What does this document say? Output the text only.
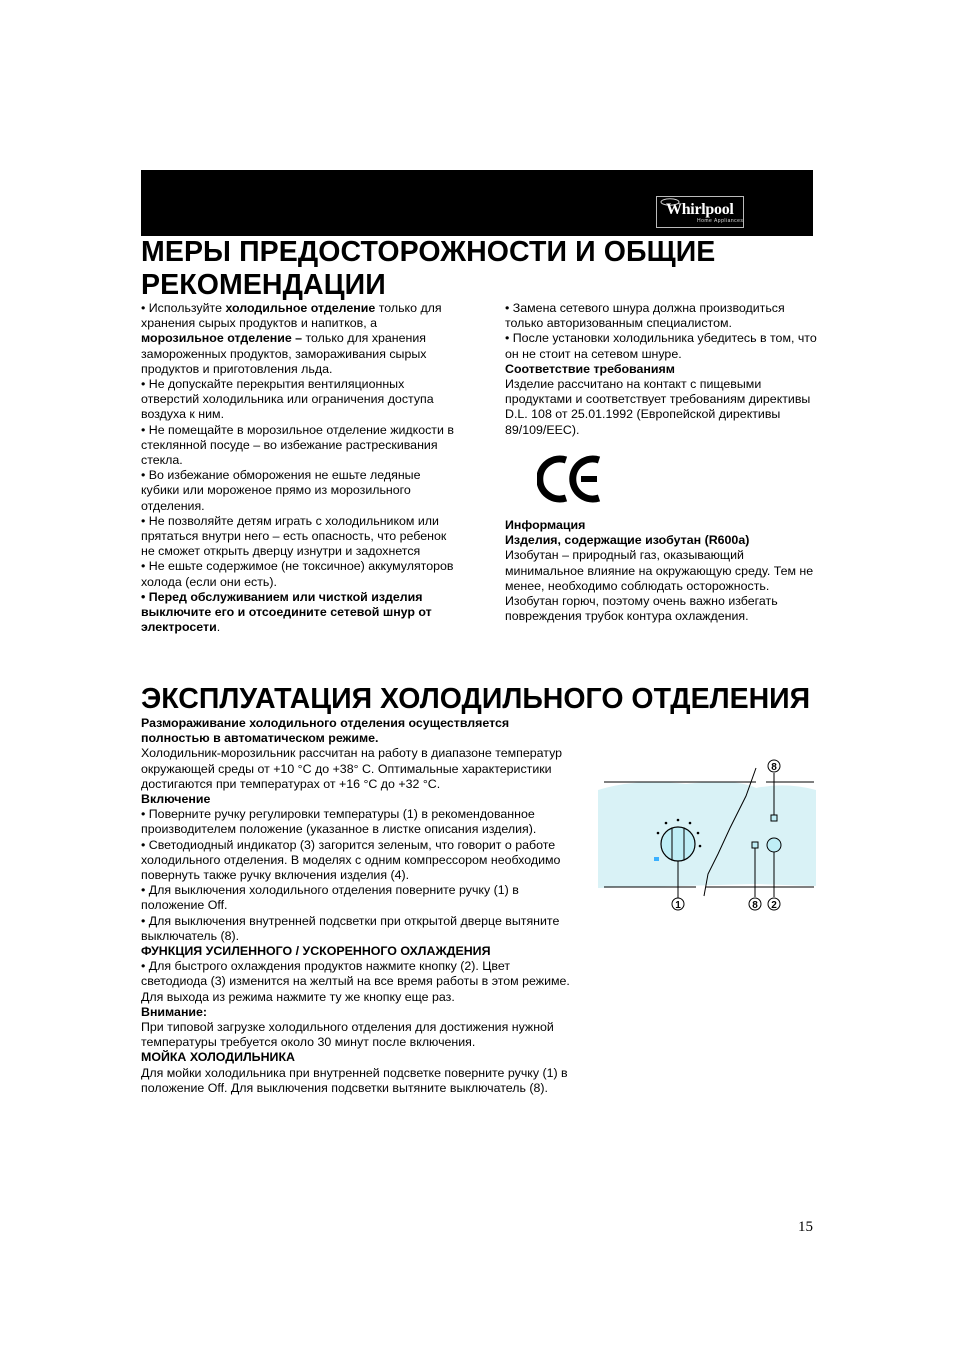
Whirlpool
Home Appliances
МЕРЫ ПРЕДОСТОРОЖНОСТИ И ОБЩИЕ РЕКОМЕНДАЦИИ

• Используйте холодильное отделение только для хранения сырых продуктов и напитков, а морозильное отделение – только для хранения замороженных продуктов, замораживания сырых продуктов и приготовления льда.

• Не допускайте перекрытия вентиляционных отверстий холодильника или ограничения доступа воздуха к ним.

• Не помещайте в морозильное отделение жидкости в стеклянной посуде – во избежание растрескивания стекла.

• Во избежание обморожения не ешьте ледяные кубики или мороженое прямо из морозильного отделения.

• Не позволяйте детям играть с холодильником или прятаться внутри него – есть опасность, что ребенок не сможет открыть дверцу изнутри и задохнется

• Не ешьте содержимое (не токсичное) аккумуляторов холода (если они есть).

• Перед обслуживанием или чисткой изделия выключите его и отсоедините сетевой шнур от электросети.

• Замена сетевого шнура должна производиться только авторизованным специалистом.

• После установки холодильника убедитесь в том, что он не стоит на сетевом шнуре.

Соответствие требованиям

Изделие рассчитано на контакт с пищевыми продуктами и соответствует требованиям директивы D.L. 108 от 25.01.1992 (Европейской директивы 89/109/EEC).

Информация

Изделия, содержащие изобутан (R600a)

Изобутан – природный газ, оказывающий минимальное влияние на окружающую среду. Тем не менее, необходимо соблюдать осторожность. Изобутан горюч, поэтому очень важно избегать повреждения трубок контура охлаждения.

ЭКСПЛУАТАЦИЯ ХОЛОДИЛЬНОГО ОТДЕЛЕНИЯ

Размораживание холодильного отделения осуществляется полностью в автоматическом режиме.

Холодильник-морозильник рассчитан на работу в диапазоне температур окружающей среды от +10 °С до +38° С. Оптимальные характеристики достигаются при температурах от +16 °С до +32 °С.

Включение

• Поверните ручку регулировки температуры (1) в рекомендованное производителем положение (указанное в листке описания изделия).

• Светодиодный индикатор (3) загорится зеленым, что говорит о работе холодильного отделения. В моделях с одним компрессором необходимо повернуть также ручку включения изделия (4).

• Для выключения холодильного отделения поверните ручку (1) в положение Off.

• Для выключения внутренней подсветки при открытой дверце вытяните выключатель (8).

ФУНКЦИЯ УСИЛЕННОГО / УСКОРЕННОГО ОХЛАЖДЕНИЯ

• Для быстрого охлаждения продуктов нажмите кнопку (2). Цвет светодиода (3) изменится на желтый на все время работы в этом режиме. Для выхода из режима нажмите ту же кнопку еще раз.

Внимание:

При типовой загрузке холодильного отделения для достижения нужной температуры требуется около 30 минут после включения.

МОЙКА ХОЛОДИЛЬНИКА

Для мойки холодильника при внутренней подсветке поверните ручку (1) в положение Off. Для выключения подсветки вытяните выключатель (8).

8
1	8 2
15
